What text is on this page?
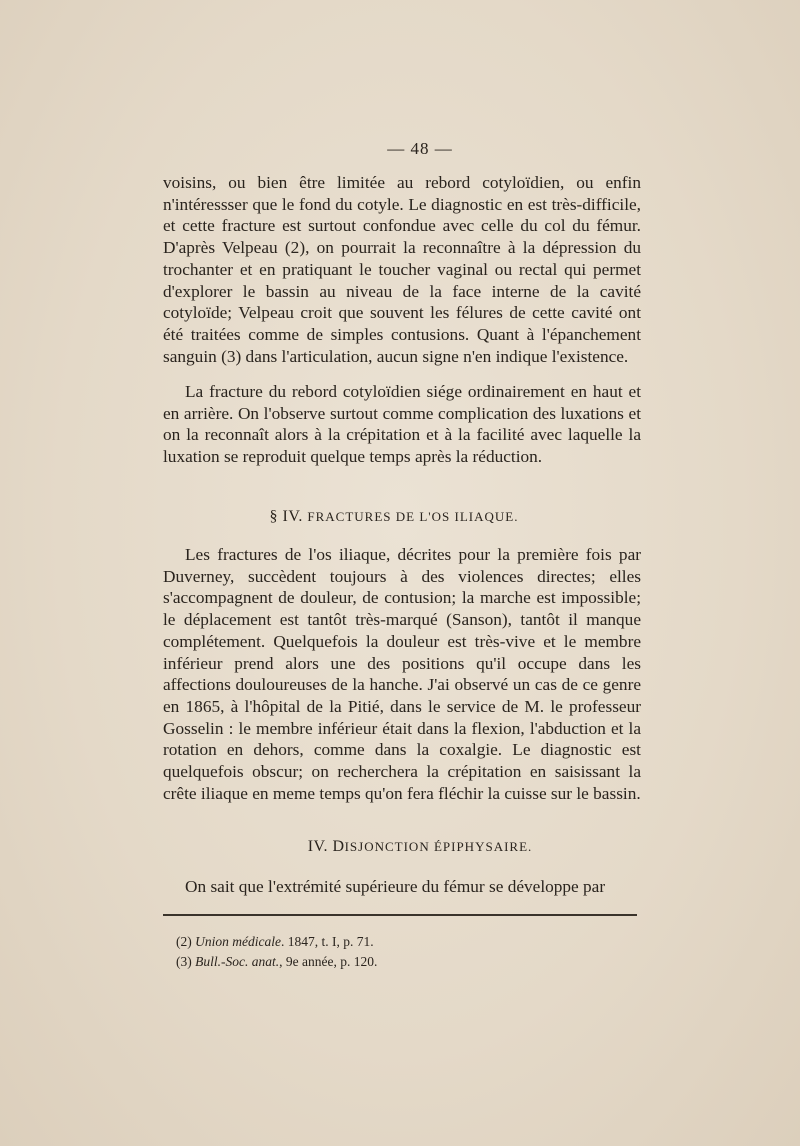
— 48 —

voisins, ou bien être limitée au rebord cotyloïdien, ou enfin n'intéressser que le fond du cotyle. Le diagnostic en est très-difficile, et cette fracture est surtout confondue avec celle du col du fémur. D'après Velpeau (2), on pourrait la reconnaître à la dépression du trochanter et en pratiquant le toucher vaginal ou rectal qui permet d'explorer le bassin au niveau de la face interne de la cavité cotyloïde; Velpeau croit que souvent les félures de cette cavité ont été traitées comme de simples contusions. Quant à l'épanchement sanguin (3) dans l'articulation, aucun signe n'en indique l'existence.

La fracture du rebord cotyloïdien siége ordinairement en haut et en arrière. On l'observe surtout comme complication des luxations et on la reconnaît alors à la crépitation et à la facilité avec laquelle la luxation se reproduit quelque temps après la réduction.

§ IV. FRACTURES DE L'OS ILIAQUE.

Les fractures de l'os iliaque, décrites pour la première fois par Duverney, succèdent toujours à des violences directes; elles s'accompagnent de douleur, de contusion; la marche est impossible; le déplacement est tantôt très-marqué (Sanson), tantôt il manque complétement. Quelquefois la douleur est très-vive et le membre inférieur prend alors une des positions qu'il occupe dans les affections douloureuses de la hanche. J'ai observé un cas de ce genre en 1865, à l'hôpital de la Pitié, dans le service de M. le professeur Gosselin : le membre inférieur était dans la flexion, l'abduction et la rotation en dehors, comme dans la coxalgie. Le diagnostic est quelquefois obscur; on recherchera la crépitation en saisissant la crête iliaque en meme temps qu'on fera fléchir la cuisse sur le bassin.

IV. DISJONCTION ÉPIPHYSAIRE.

On sait que l'extrémité supérieure du fémur se développe par

(2) Union médicale. 1847, t. I, p. 71.
(3) Bull.-Soc. anat., 9e année, p. 120.
